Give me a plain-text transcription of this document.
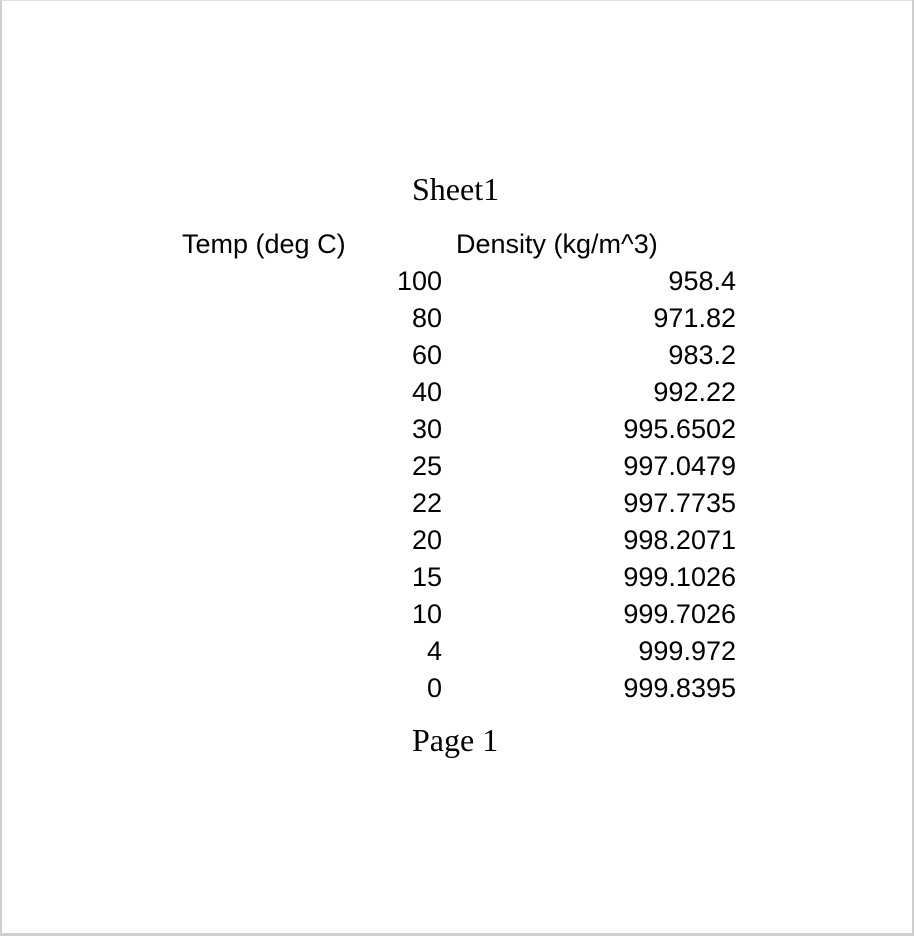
Sheet1
Temp (deg C)	Density (kg/m^3)
100	958.4
80	971.82
60	983.2
40	992.22
30	995.6502
25	997.0479
22	997.7735
20	998.2071
15	999.1026
10	999.7026
4	999.972
0	999.8395
Page 1
